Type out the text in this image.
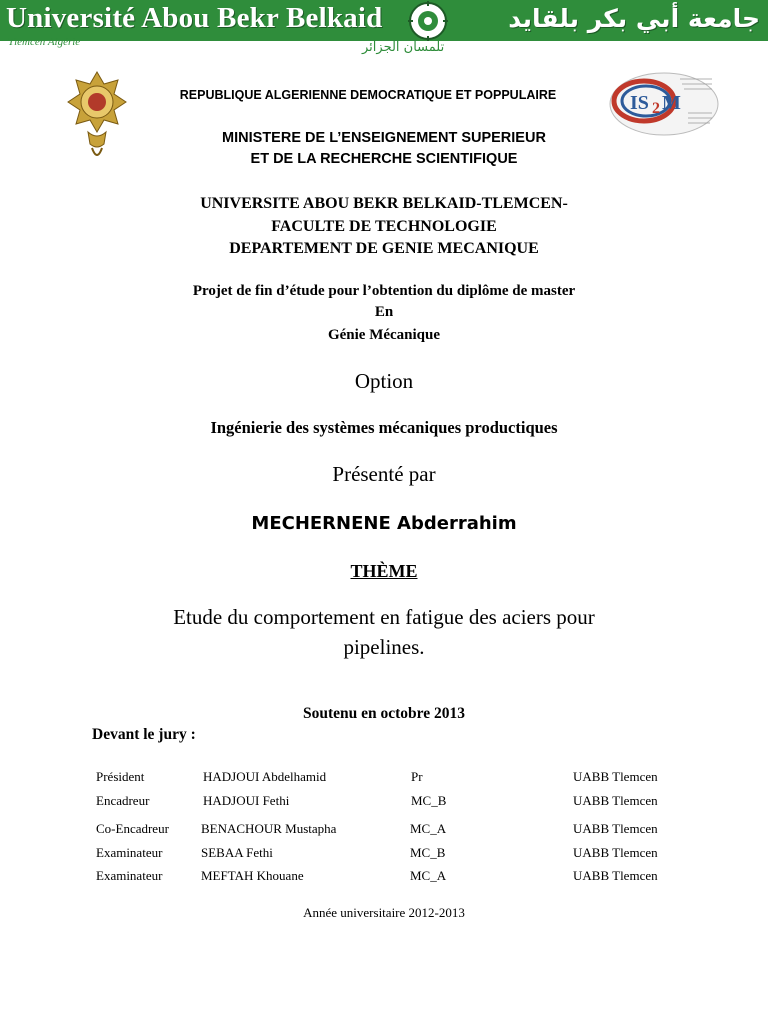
Université Abou Bekr Belkaid
Tlemcen Algérie
جامعة أبي بكر بلقايد
تلمسان الجزائر
IS 2 M
REPUBLIQUE ALGERIENNE DEMOCRATIQUE ET POPPULAIRE
MINISTERE DE L’ENSEIGNEMENT SUPERIEUR
ET DE LA RECHERCHE SCIENTIFIQUE
UNIVERSITE ABOU BEKR BELKAID-TLEMCEN-
FACULTE DE TECHNOLOGIE
DEPARTEMENT DE GENIE MECANIQUE
Projet de fin d’étude pour l’obtention du diplôme de master
En
Génie Mécanique
Option
Ingénierie des systèmes mécaniques productiques
Présenté par
MECHERNENE Abderrahim
THÈME
Etude du comportement en fatigue des aciers pour
pipelines.
Soutenu en octobre 2013
Devant le jury :
Président	HADJOUI Abdelhamid	Pr	UABB Tlemcen
Encadreur	HADJOUI Fethi	MC_B	UABB Tlemcen
Co-Encadreur BENACHOUR Mustapha	MC_A	UABB Tlemcen
Examinateur	SEBAA Fethi	MC_B	UABB Tlemcen
Examinateur	MEFTAH Khouane	MC_A	UABB Tlemcen
Année universitaire 2012-2013
